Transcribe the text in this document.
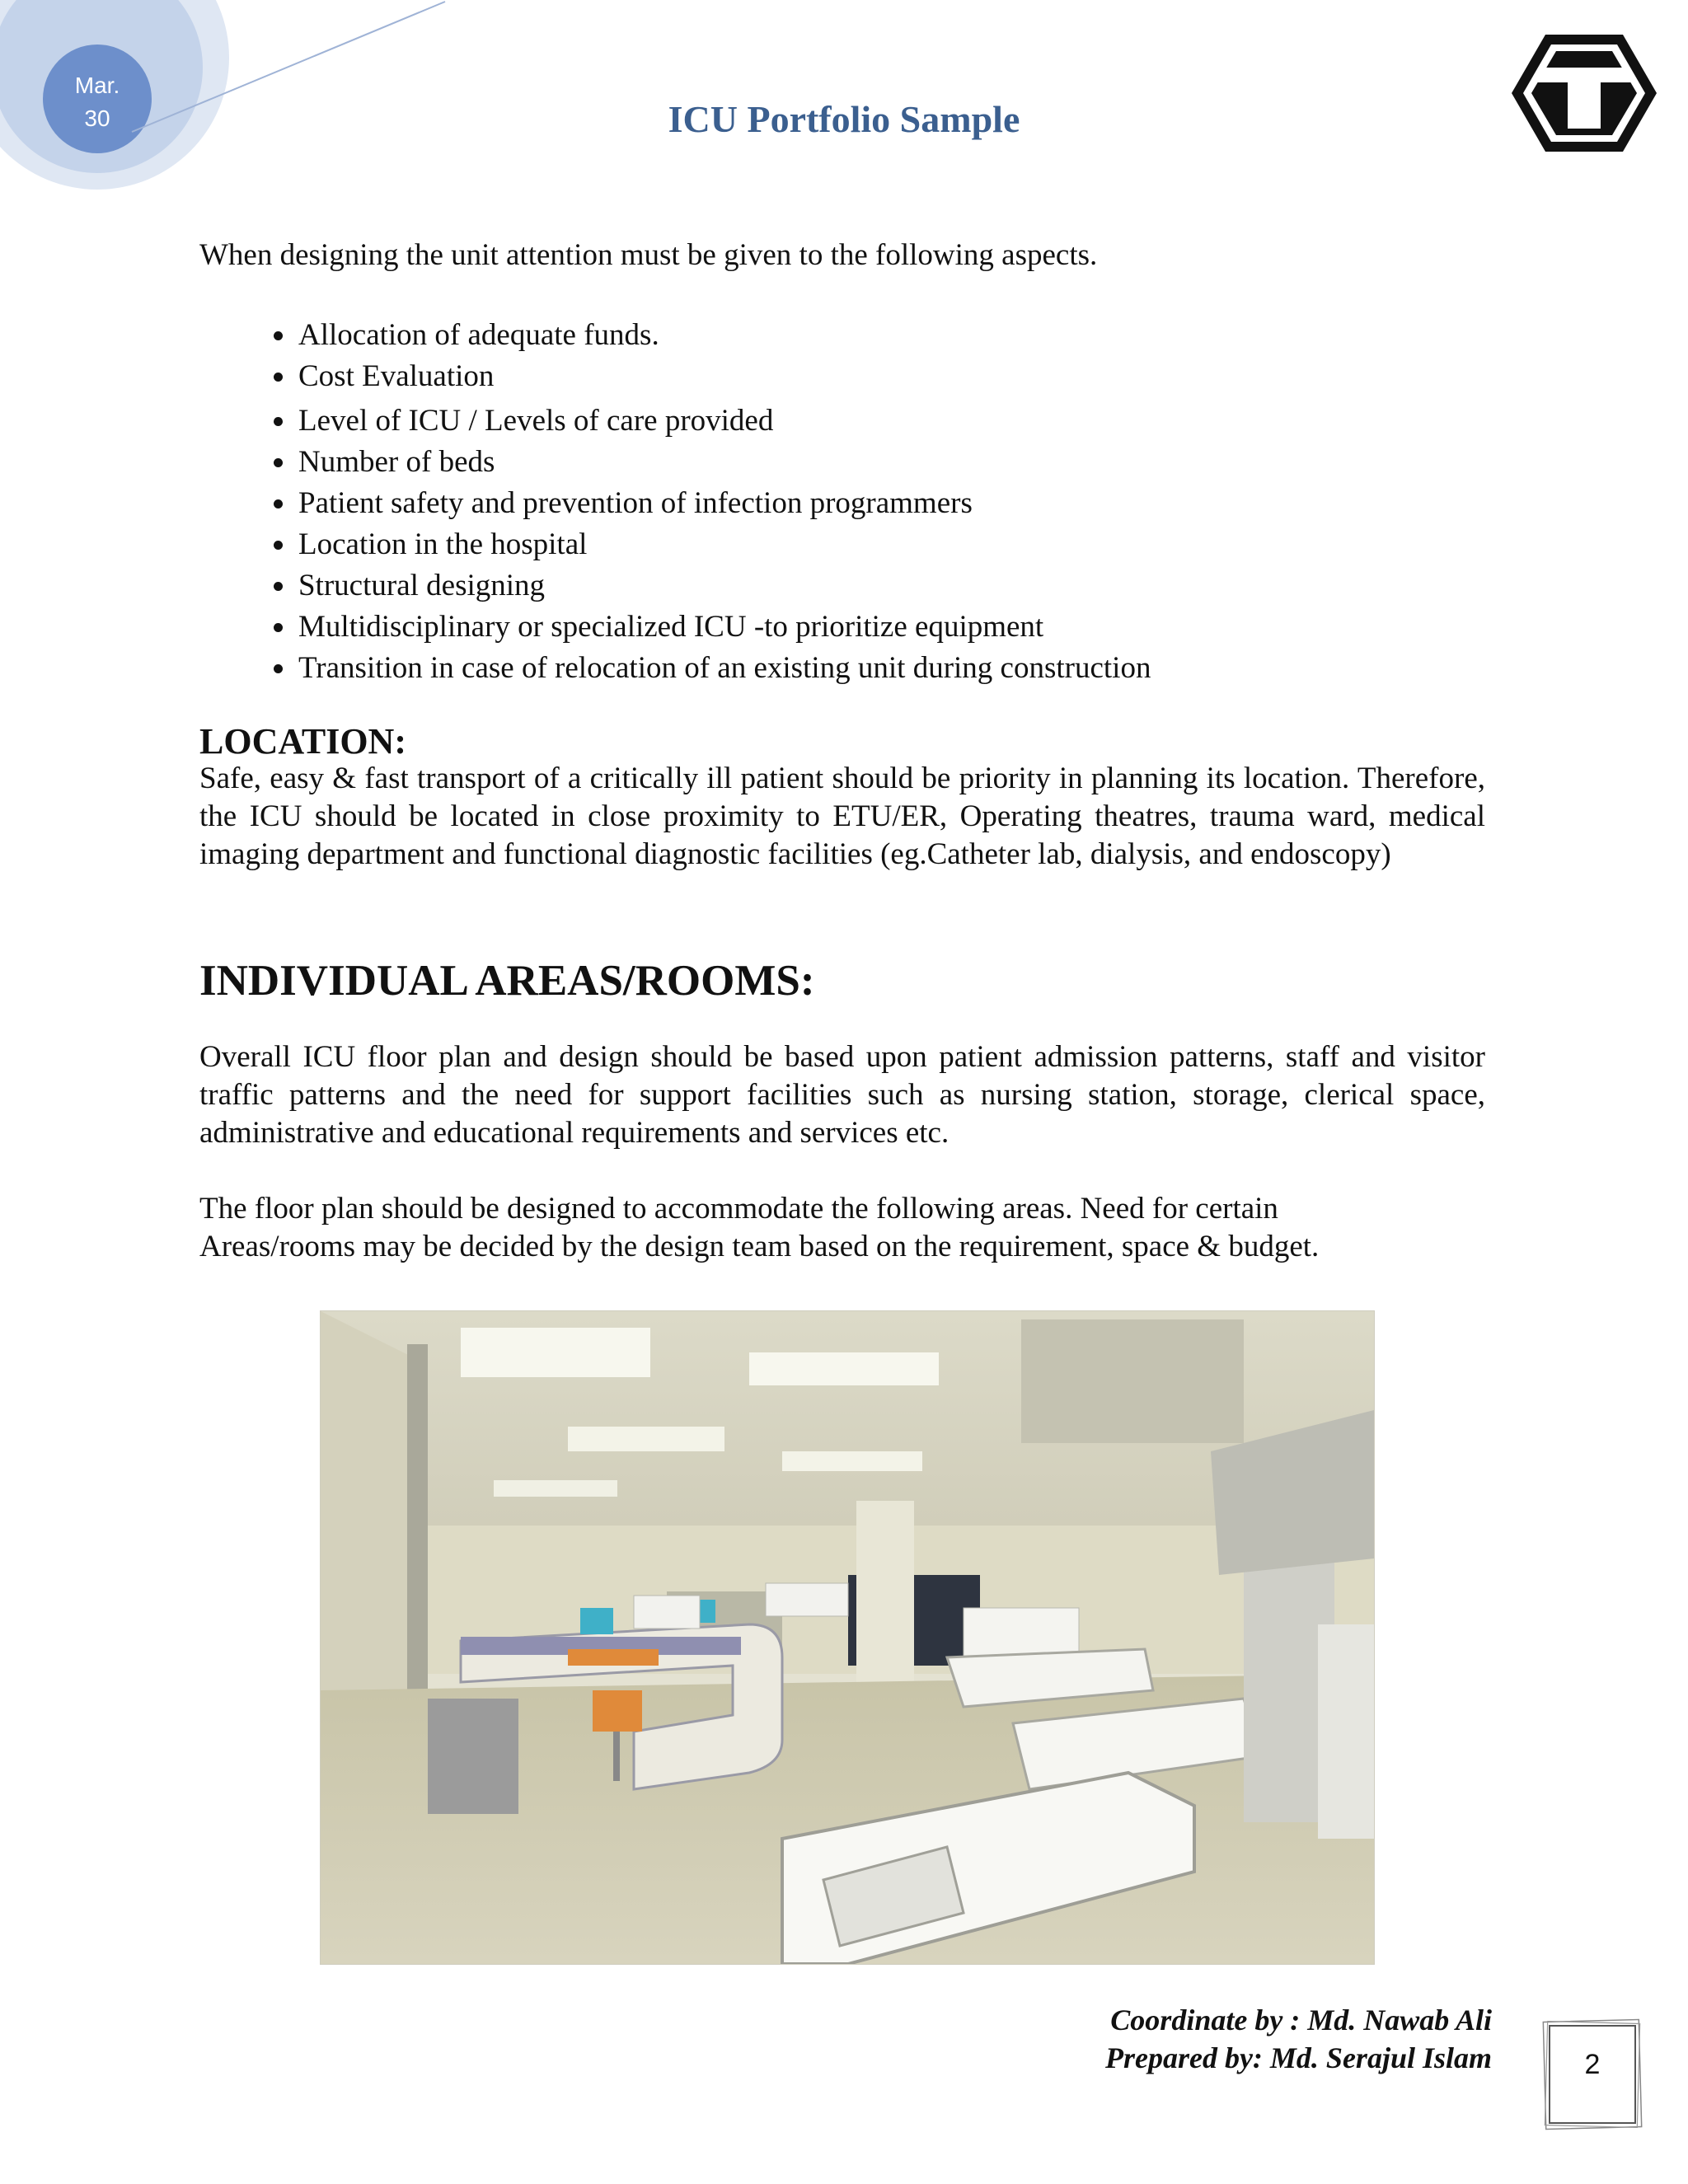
Mar.
30	ICU Portfolio Sample
When designing the unit attention must be given to the following aspects.
• Allocation of adequate funds.
• Cost Evaluation
• Level of ICU / Levels of care provided
• Number of beds
• Patient safety and prevention of infection programmers
• Location in the hospital
• Structural designing
• Multidisciplinary or specialized ICU -to prioritize equipment
• Transition in case of relocation of an existing unit during construction
LOCATION:
Safe, easy & fast transport of a critically ill patient should be priority in planning its location. Therefore, the ICU should be located in close proximity to ETU/ER, Operating theatres, trauma ward, medical imaging department and functional diagnostic facilities (eg.Catheter lab, dialysis, and endoscopy)
INDIVIDUAL AREAS/ROOMS:
Overall ICU floor plan and design should be based upon patient admission patterns, staff and visitor traffic patterns and the need for support facilities such as nursing station, storage, clerical space, administrative and educational requirements and services etc.
The floor plan should be designed to accommodate the following areas. Need for certain
Areas/rooms may be decided by the design team based on the requirement, space & budget.
Coordinate by : Md. Nawab Ali
Prepared by: Md. Serajul Islam	2
